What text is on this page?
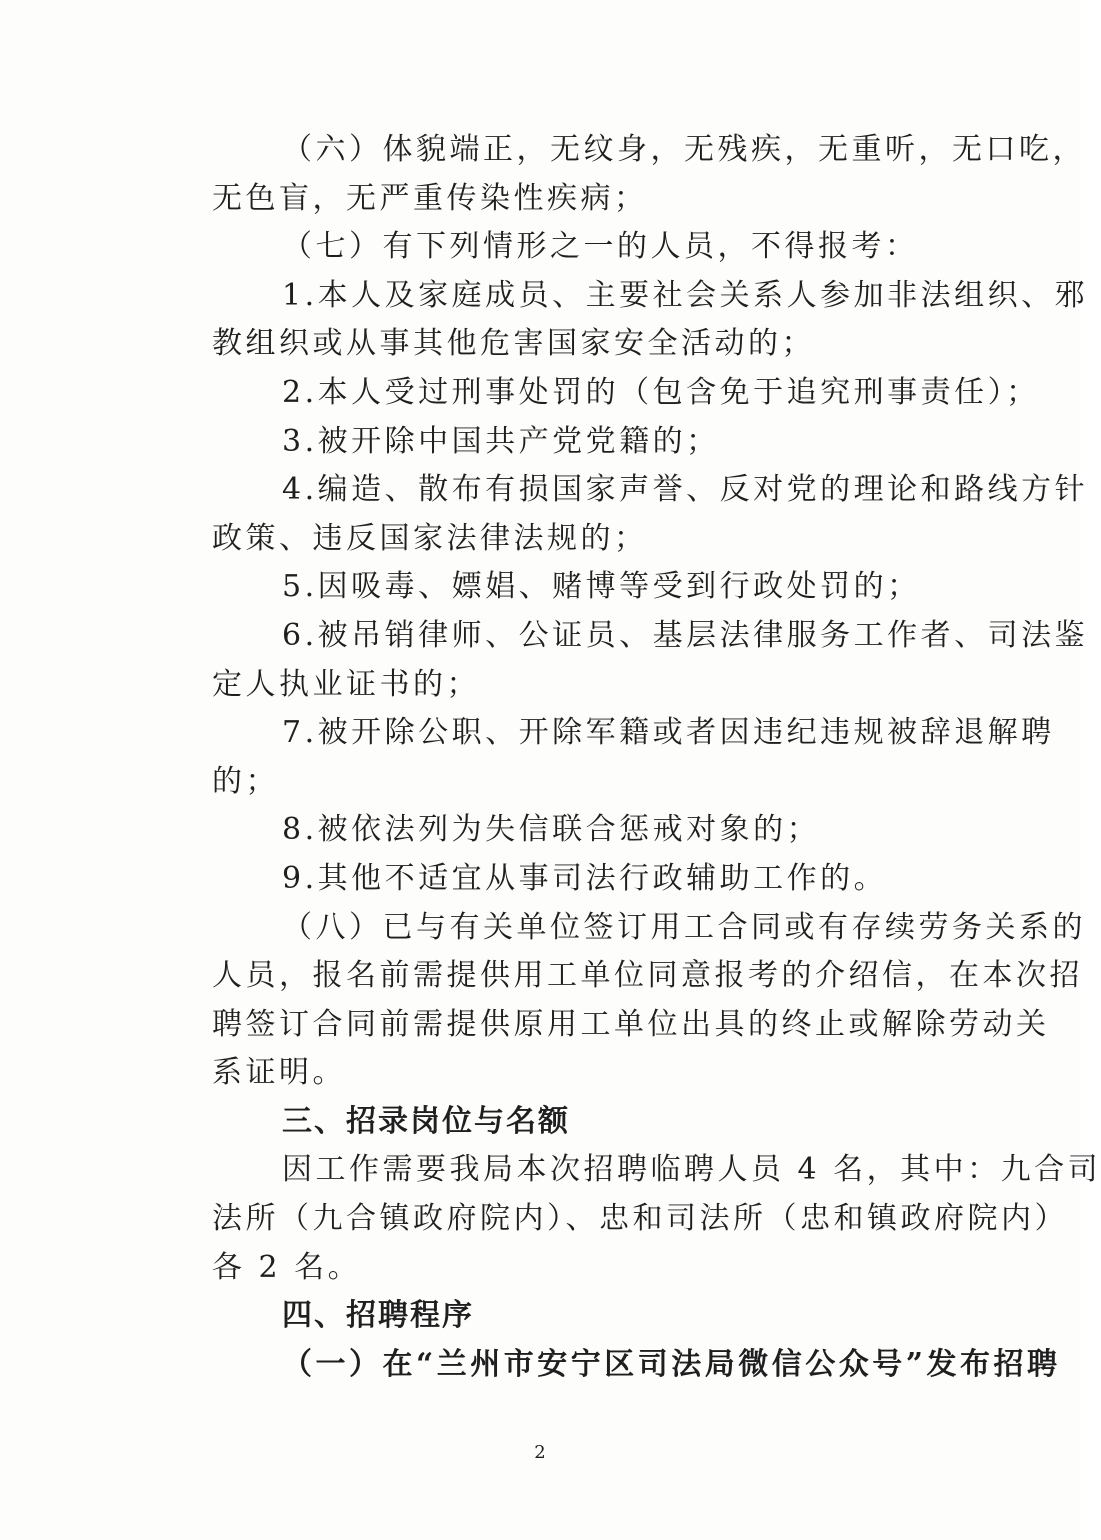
（六）体貌端正，无纹身，无残疾，无重听，无口吃，
无色盲，无严重传染性疾病；
（七）有下列情形之一的人员，不得报考：
1.本人及家庭成员、主要社会关系人参加非法组织、邪
教组织或从事其他危害国家安全活动的；
2.本人受过刑事处罚的（包含免于追究刑事责任）；
3.被开除中国共产党党籍的；
4.编造、散布有损国家声誉、反对党的理论和路线方针
政策、违反国家法律法规的；
5.因吸毒、嫖娼、赌博等受到行政处罚的；
6.被吊销律师、公证员、基层法律服务工作者、司法鉴
定人执业证书的；
7.被开除公职、开除军籍或者因违纪违规被辞退解聘
的；
8.被依法列为失信联合惩戒对象的；
9.其他不适宜从事司法行政辅助工作的。
（八）已与有关单位签订用工合同或有存续劳务关系的
人员，报名前需提供用工单位同意报考的介绍信，在本次招
聘签订合同前需提供原用工单位出具的终止或解除劳动关
系证明。
三、招录岗位与名额
因工作需要我局本次招聘临聘人员 4 名，其中：九合司
法所（九合镇政府院内）、忠和司法所（忠和镇政府院内）
各 2 名。
四、招聘程序
（一）在“兰州市安宁区司法局微信公众号”发布招聘
2
